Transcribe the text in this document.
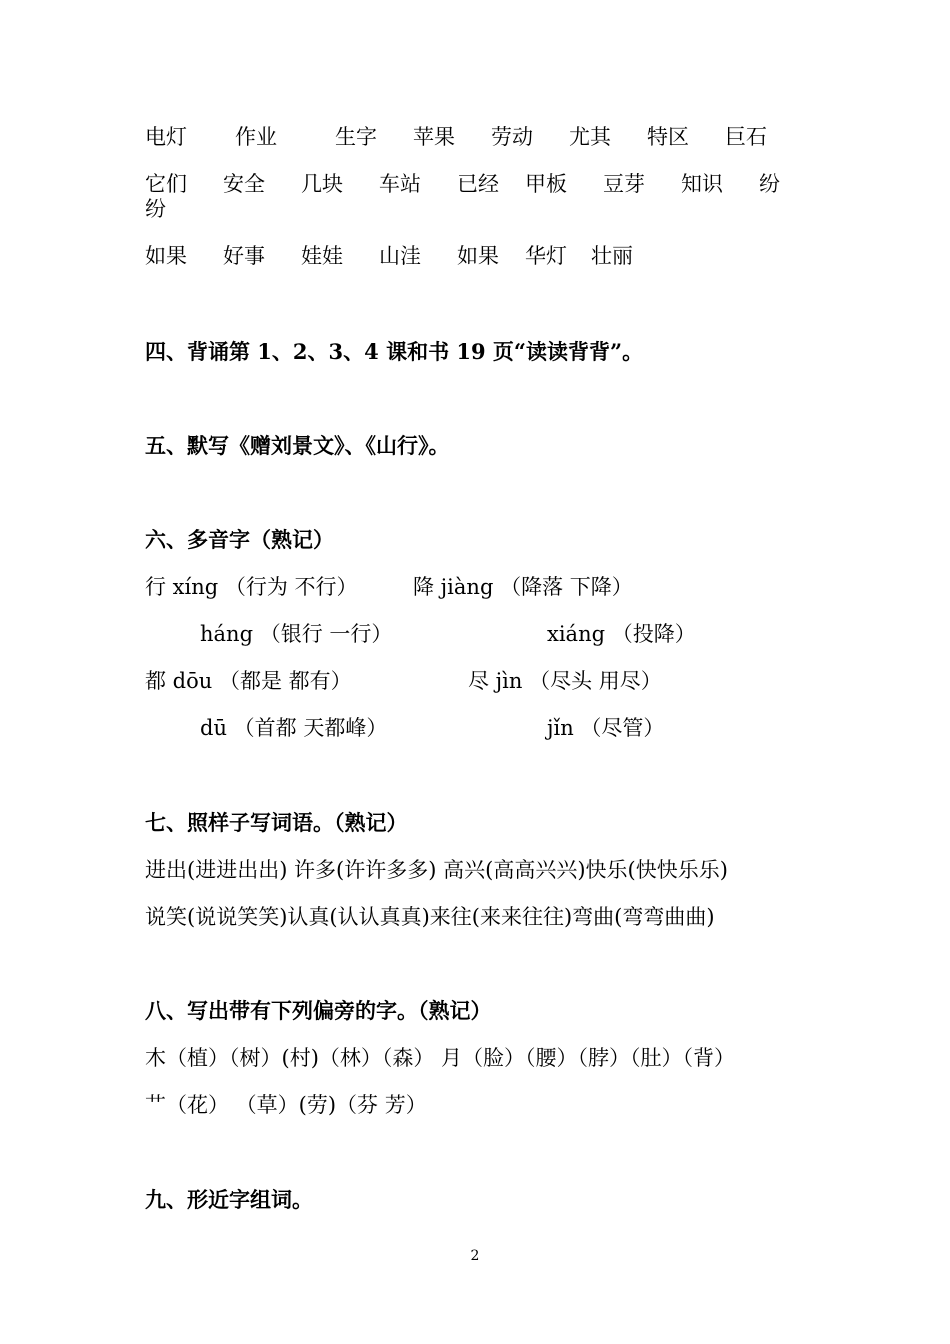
电灯 作业	生字 苹果 劳动 尤其 特区 巨石
它们 安全 几块 车站 已经 甲板 豆芽 知识 纷
纷
如果 好事 娃娃 山洼 如果 华灯 壮丽
四、背诵第 1、2、3、4 课和书 19 页“读读背背”。
五、默写《赠刘景文》、《山行》。
六、多音字（熟记）
行 xíng （行为 不行）	降 jiàng （降落 下降）
háng （银行 一行）	xiáng （投降）
都 dōu （都是 都有）	尽 jìn （尽头 用尽）
dū （首都 天都峰）	jǐn （尽管）
七、照样子写词语。（熟记）
进出(进进出出) 许多(许许多多) 高兴(高高兴兴)快乐(快快乐乐)
说笑(说说笑笑)认真(认认真真)来往(来来往往)弯曲(弯弯曲曲)
八、写出带有下列偏旁的字。（熟记）
木（植）（树）(村)（林）（森） 月（脸）（腰）（脖）（肚）（背）
艹（花） （草）(劳)（芬 芳）
九、形近字组词。
2
